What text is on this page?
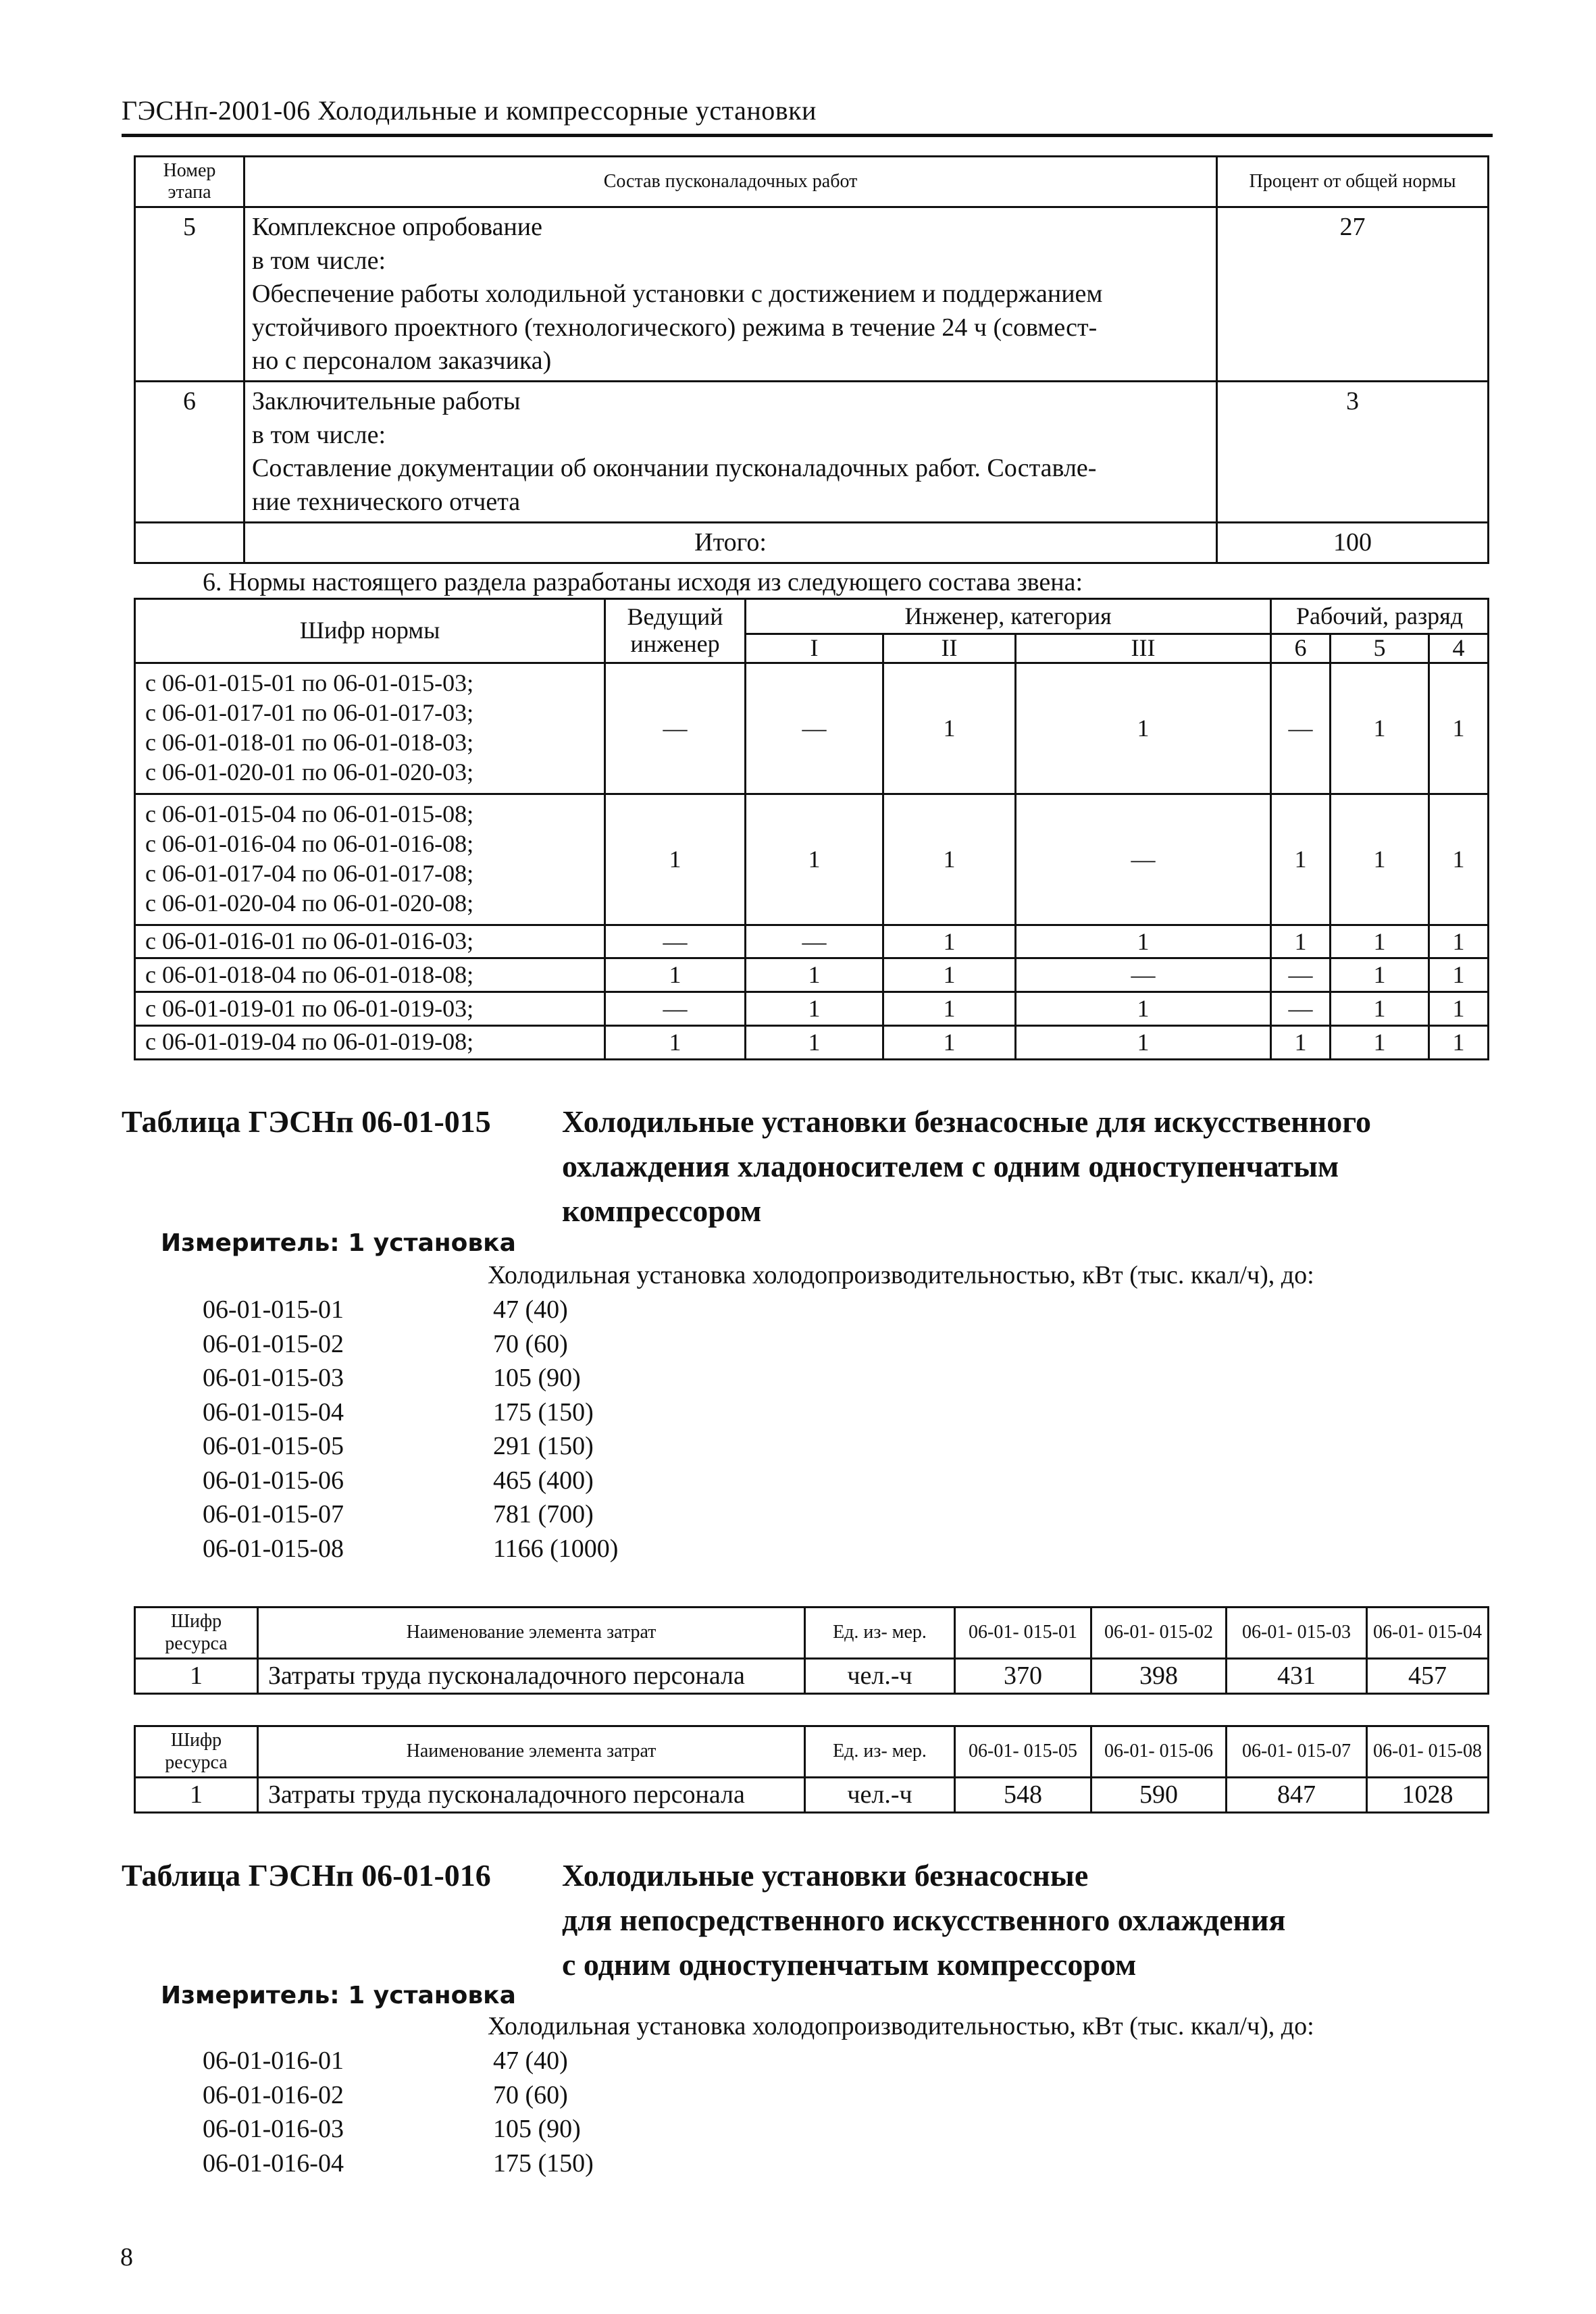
ГЭСНп-2001-06 Холодильные и компрессорные установки
Номер этапа	Состав пусконаладочных работ	Процент от общей нормы
5	Комплексное опробование
в том числе:
Обеспечение работы холодильной установки с достижением и поддержанием
устойчивого проектного (технологического) режима в течение 24 ч (совмест-
но с персоналом заказчика)	27
6	Заключительные работы
в том числе:
Составление документации об окончании пусконаладочных работ. Составле-
ние технического отчета	3
	Итого:	100
6. Нормы настоящего раздела разработаны исходя из следующего состава звена:
Шифр нормы	Ведущий инженер	Инженер, категория			Рабочий, разряд		
		I	II	III	6	5	4

с 06-01-015-01 по 06-01-015-03;
с 06-01-017-01 по 06-01-017-03;
с 06-01-018-01 по 06-01-018-03;
с 06-01-020-01 по 06-01-020-03;	—	—	1	1	—	1	1

с 06-01-015-04 по 06-01-015-08;
с 06-01-016-04 по 06-01-016-08;
с 06-01-017-04 по 06-01-017-08;
с 06-01-020-04 по 06-01-020-08;	1	1	1	—	1	1	1
с 06-01-016-01 по 06-01-016-03;	—	—	1	1	1	1	1
с 06-01-018-04 по 06-01-018-08;	1	1	1	—	—	1	1
с 06-01-019-01 по 06-01-019-03;	—	1	1	1	—	1	1
с 06-01-019-04 по 06-01-019-08;	1	1	1	1	1	1	1
Таблица ГЭСНп 06-01-015 Холодильные установки безнасосные для искусственного охлаждения хладоносителем с одним одноступенчатым компрессором
Измеритель: 1 установка
Холодильная установка холодопроизводительностью, кВт (тыс. ккал/ч), до:
06-01-015-01	47 (40)
06-01-015-02	70 (60)
06-01-015-03	105 (90)
06-01-015-04	175 (150)
06-01-015-05	291 (150)
06-01-015-06	465 (400)
06-01-015-07	781 (700)
06-01-015-08	1166 (1000)
Шифр ресурса	Наименование элемента затрат	Ед. из- мер.	06-01- 015-01	06-01- 015-02	06-01- 015-03	06-01- 015-04
1	Затраты труда пусконаладочного персонала	чел.-ч	370	398	431	457
Шифр ресурса	Наименование элемента затрат	Ед. из- мер.	06-01- 015-05	06-01- 015-06	06-01- 015-07	06-01- 015-08
1	Затраты труда пусконаладочного персонала	чел.-ч	548	590	847	1028
Таблица ГЭСНп 06-01-016 Холодильные установки безнасосные
для непосредственного искусственного охлаждения
с одним одноступенчатым компрессором
Измеритель: 1 установка
Холодильная установка холодопроизводительностью, кВт (тыс. ккал/ч), до:
06-01-016-01	47 (40)
06-01-016-02	70 (60)
06-01-016-03	105 (90)
06-01-016-04	175 (150)
8
